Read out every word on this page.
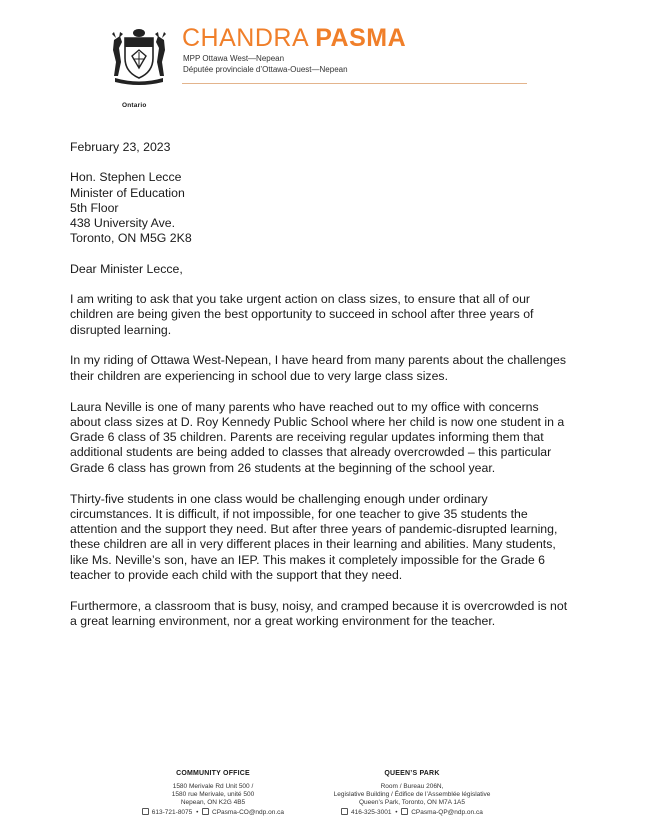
Ontario
CHANDRA PASMA
MPP Ottawa West—Nepean
Députée provinciale d’Ottawa-Ouest—Nepean
February 23, 2023
Hon. Stephen Lecce
Minister of Education
5th Floor
438 University Ave.
Toronto, ON M5G 2K8
Dear Minister Lecce,

I am writing to ask that you take urgent action on class sizes, to ensure that all of our children are being given the best opportunity to succeed in school after three years of disrupted learning.

In my riding of Ottawa West-Nepean, I have heard from many parents about the challenges their children are experiencing in school due to very large class sizes.

Laura Neville is one of many parents who have reached out to my office with concerns about class sizes at D. Roy Kennedy Public School where her child is now one student in a Grade 6 class of 35 children. Parents are receiving regular updates informing them that additional students are being added to classes that already overcrowded – this particular Grade 6 class has grown from 26 students at the beginning of the school year.

Thirty-five students in one class would be challenging enough under ordinary circumstances. It is difficult, if not impossible, for one teacher to give 35 students the attention and the support they need. But after three years of pandemic-disrupted learning, these children are all in very different places in their learning and abilities. Many students, like Ms. Neville’s son, have an IEP. This makes it completely impossible for the Grade 6 teacher to provide each child with the support that they need.

Furthermore, a classroom that is busy, noisy, and cramped because it is overcrowded is not a great learning environment, nor a great working environment for the teacher.

COMMUNITY OFFICE
1580 Merivale Rd Unit 500 /
1580 rue Merivale, unité 500
Nepean, ON K2G 4B5
613-721-8075 • CPasma-CO@ndp.on.ca
QUEEN’S PARK
Room / Bureau 206N,
Legislative Building / Édifice de l’Assemblée législative
Queen’s Park, Toronto, ON M7A 1A5
416-325-3001 • CPasma-QP@ndp.on.ca
